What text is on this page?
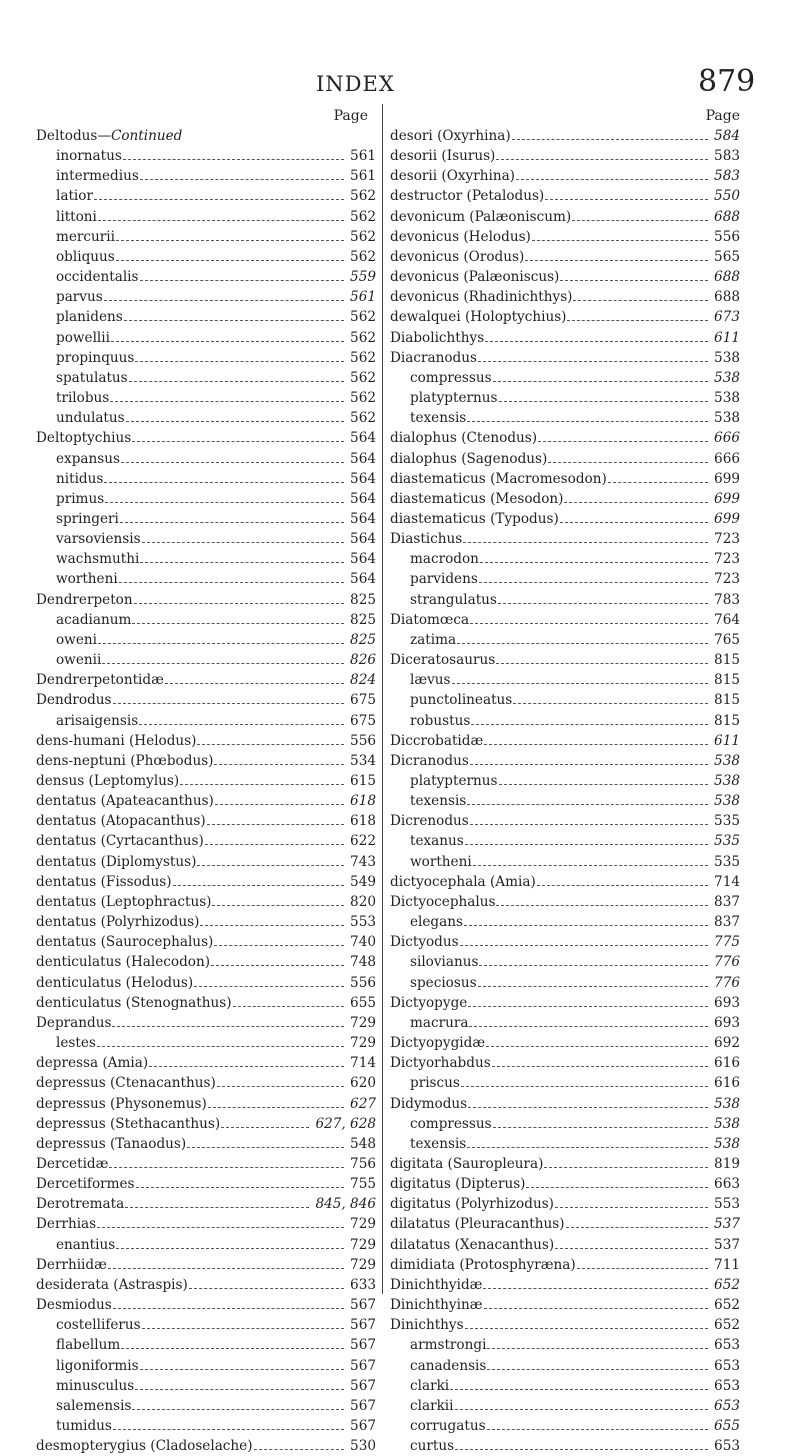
INDEX	879
Page
Deltodus—Continued
inornatus	561
intermedius	561
latior	562
littoni	562
mercurii	562
obliquus	562
occidentalis	559
parvus	561
planidens	562
powellii	562
propinquus	562
spatulatus	562
trilobus	562
undulatus	562
Deltoptychius	564
expansus	564
nitidus	564
primus	564
springeri	564
varsoviensis	564
wachsmuthi	564
wortheni	564
Dendrerpeton	825
acadianum	825
oweni	825
owenii	826
Dendrerpetontidæ	824
Dendrodus	675
arisaigensis	675
dens-humani (Helodus)	556
dens-neptuni (Phœbodus)	534
densus (Leptomylus)	615
dentatus (Apateacanthus)	618
dentatus (Atopacanthus)	618
dentatus (Cyrtacanthus)	622
dentatus (Diplomystus)	743
dentatus (Fissodus)	549
dentatus (Leptophractus)	820
dentatus (Polyrhizodus)	553
dentatus (Saurocephalus)	740
denticulatus (Halecodon)	748
denticulatus (Helodus)	556
denticulatus (Stenognathus)	655
Deprandus	729
lestes	729
depressa (Amia)	714
depressus (Ctenacanthus)	620
depressus (Physonemus)	627
depressus (Stethacanthus)	627, 628
depressus (Tanaodus)	548
Dercetidæ	756
Dercetiformes	755
Derotremata	845, 846
Derrhias	729
enantius	729
Derrhiidæ	729
desiderata (Astraspis)	633
Desmiodus	567
costelliferus	567
flabellum	567
ligoniformis	567
minusculus	567
salemensis	567
tumidus	567
desmopterygius (Cladoselache)	530
Page
desori (Oxyrhina)	584
desorii (Isurus)	583
desorii (Oxyrhina)	583
destructor (Petalodus)	550
devonicum (Palæoniscum)	688
devonicus (Helodus)	556
devonicus (Orodus)	565
devonicus (Palæoniscus)	688
devonicus (Rhadinichthys)	688
dewalquei (Holoptychius)	673
Diabolichthys	611
Diacranodus	538
compressus	538
platypternus	538
texensis	538
dialophus (Ctenodus)	666
dialophus (Sagenodus)	666
diastematicus (Macromesodon)	699
diastematicus (Mesodon)	699
diastematicus (Typodus)	699
Diastichus	723
macrodon	723
parvidens	723
strangulatus	783
Diatomœca	764
zatima	765
Diceratosaurus	815
lævus	815
punctolineatus	815
robustus	815
Diccrobatidæ	611
Dicranodus	538
platypternus	538
texensis	538
Dicrenodus	535
texanus	535
wortheni	535
dictyocephala (Amia)	714
Dictyocephalus	837
elegans	837
Dictyodus	775
silovianus	776
speciosus	776
Dictyopyge	693
macrura	693
Dictyopygidæ	692
Dictyorhabdus	616
priscus	616
Didymodus	538
compressus	538
texensis	538
digitata (Sauropleura)	819
digitatus (Dipterus)	663
digitatus (Polyrhizodus)	553
dilatatus (Pleuracanthus)	537
dilatatus (Xenacanthus)	537
dimidiata (Protosphyræna)	711
Dinichthyidæ	652
Dinichthyinæ	652
Dinichthys	652
armstrongi	653
canadensis	653
clarki	653
clarkii	653
corrugatus	655
curtus	653
